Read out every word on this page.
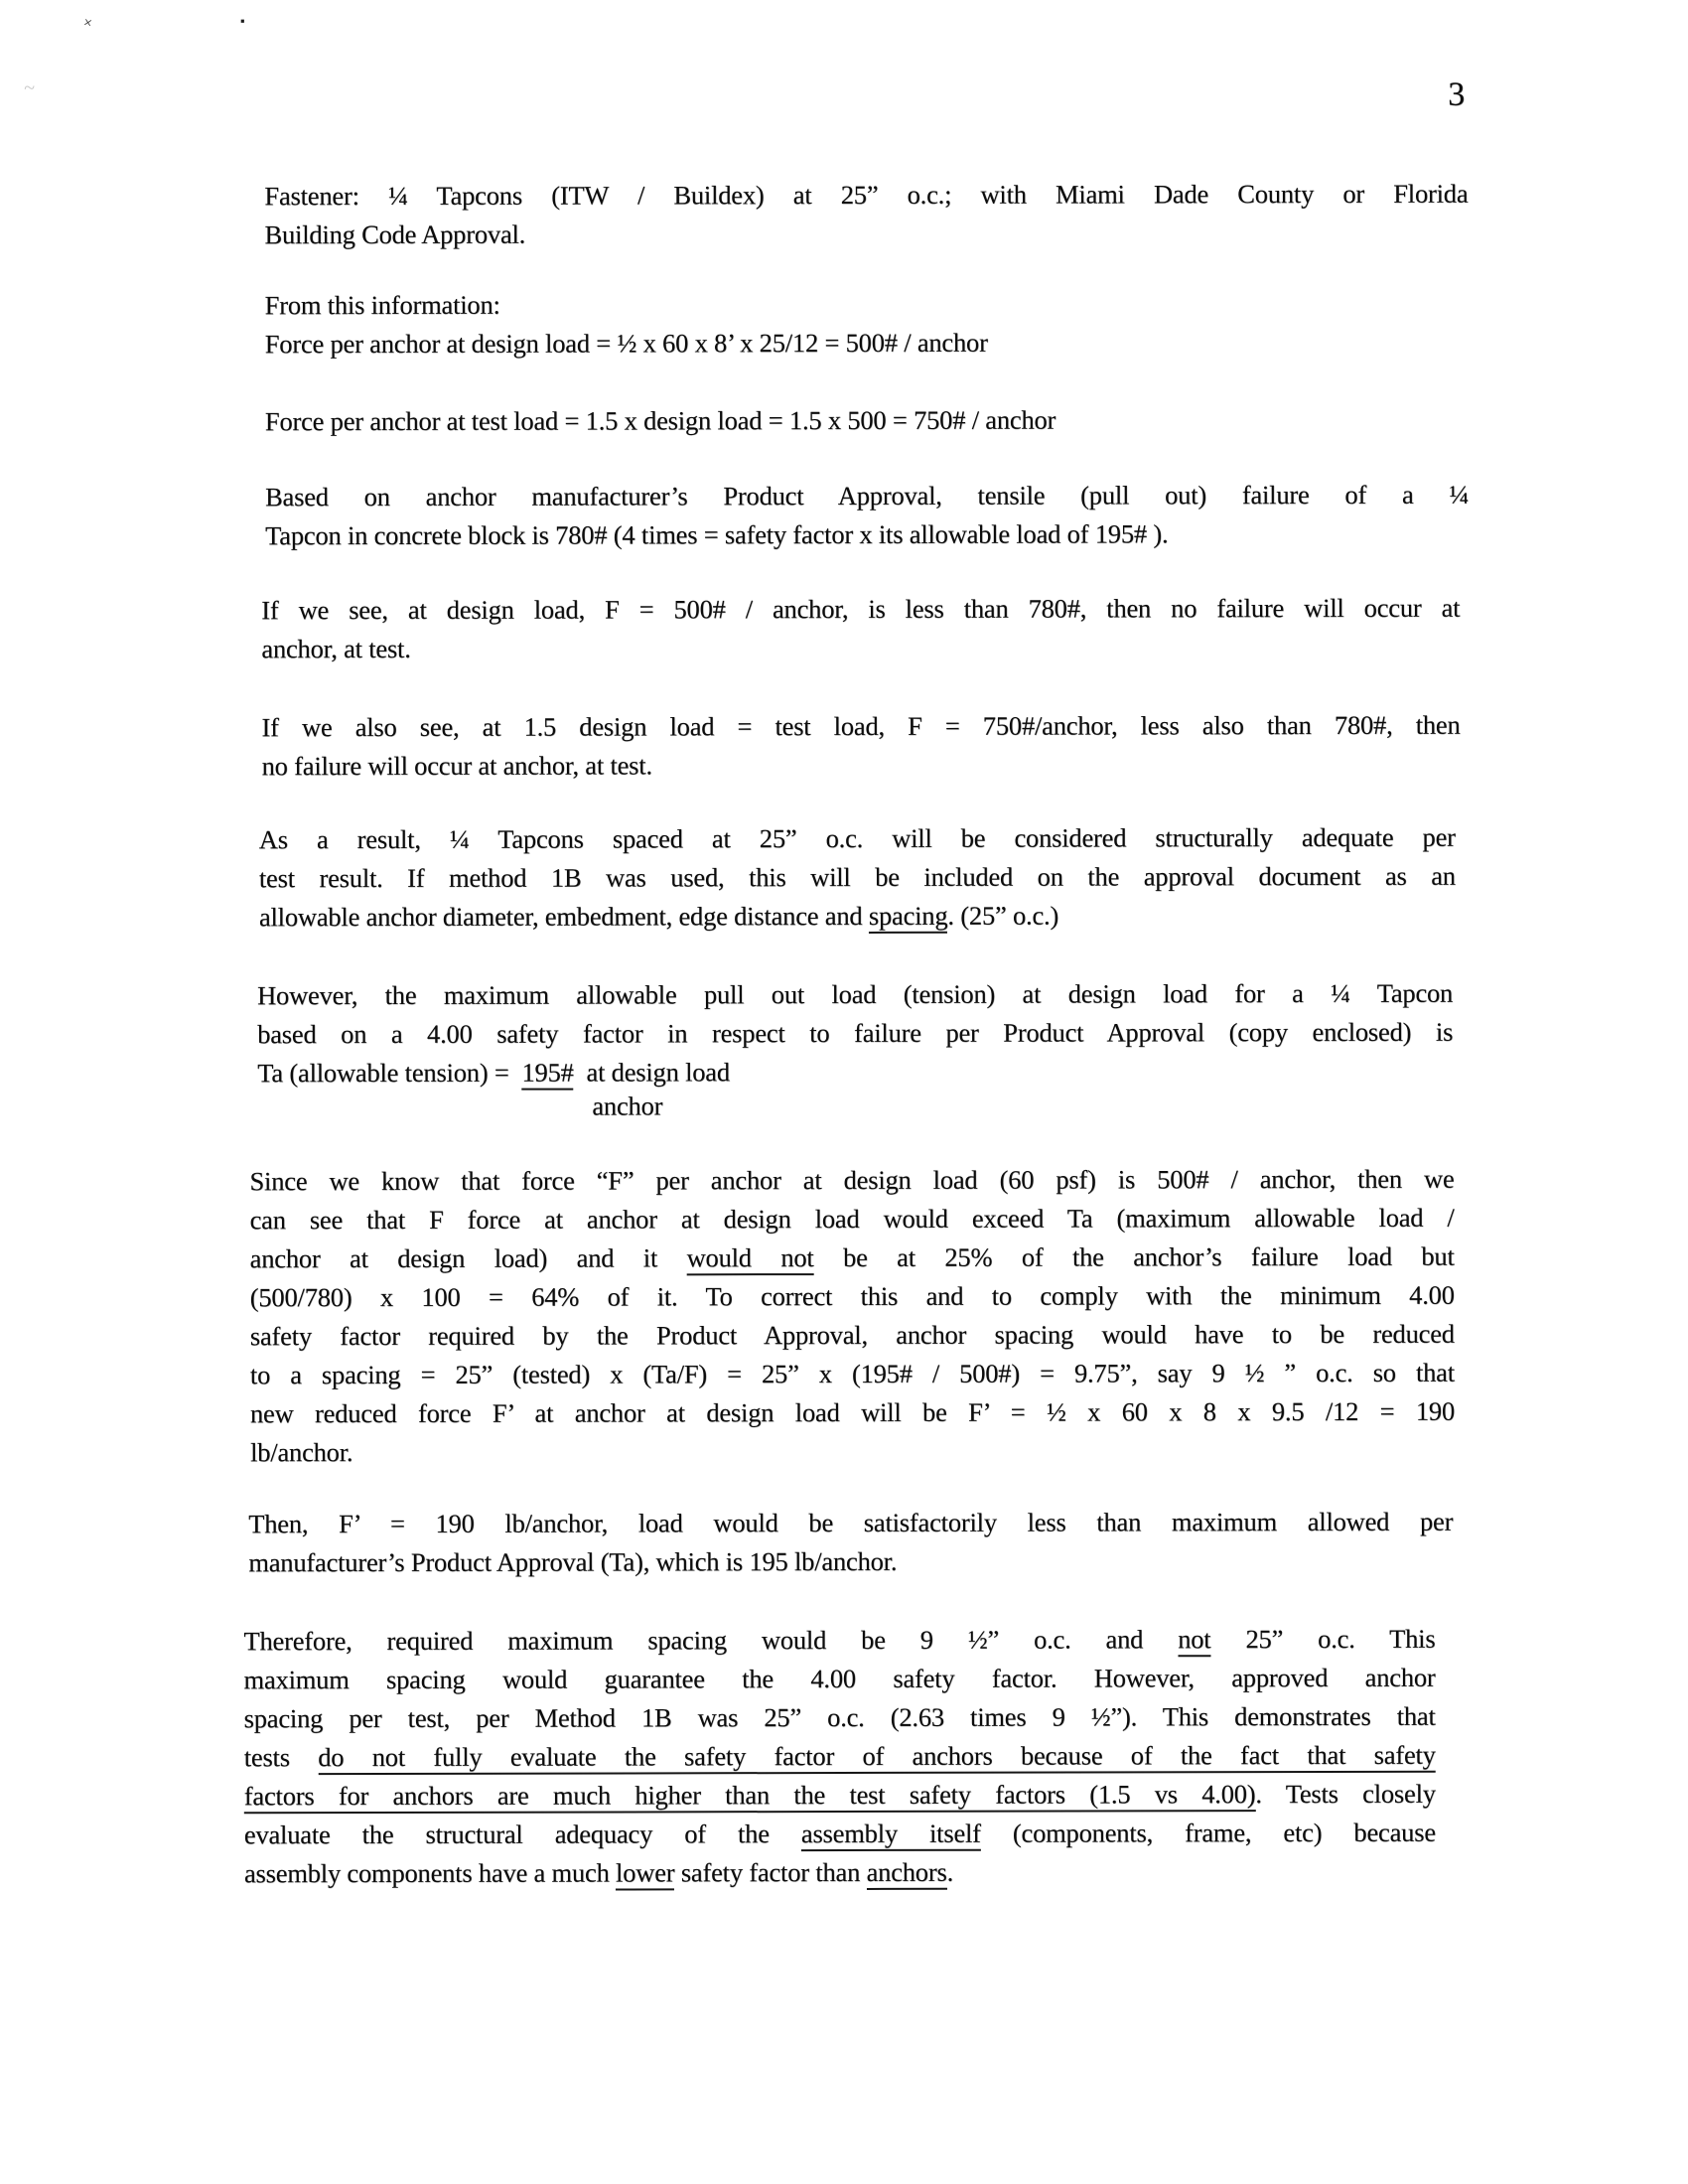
3
×	▪
~
Fastener: ¼ Tapcons (ITW / Buildex) at 25” o.c.; with Miami Dade County or Florida
Building Code Approval.
From this information:
Force per anchor at design load = ½ x 60 x 8’ x 25/12 = 500# / anchor
Force per anchor at test load = 1.5 x design load = 1.5 x 500 = 750# / anchor
Based on anchor manufacturer’s Product Approval, tensile (pull out) failure of a ¼
Tapcon in concrete block is 780# (4 times = safety factor x its allowable load of 195# ).
If we see, at design load, F = 500# / anchor, is less than 780#, then no failure will occur at
anchor, at test.
If we also see, at 1.5 design load = test load, F = 750#/anchor, less also than 780#, then
no failure will occur at anchor, at test.
As a result, ¼ Tapcons spaced at 25” o.c. will be considered structurally adequate per
test result. If method 1B was used, this will be included on the approval document as an
allowable anchor diameter, embedment, edge distance and spacing. (25” o.c.)
However, the maximum allowable pull out load (tension) at design load for a ¼ Tapcon
based on a 4.00 safety factor in respect to failure per Product Approval (copy enclosed) is
Ta (allowable tension) =  195#  at design load
anchor
Since we know that force “F” per anchor at design load (60 psf) is 500# / anchor, then we
can see that F force at anchor at design load would exceed Ta (maximum allowable load /
anchor at design load) and it would not be at 25% of the anchor’s failure load but
(500/780) x 100 = 64% of it. To correct this and to comply with the minimum 4.00
safety factor required by the Product Approval, anchor spacing would have to be reduced
to a spacing = 25” (tested) x (Ta/F) = 25” x (195# / 500#) = 9.75”, say 9 ½ ” o.c. so that
new reduced force F’ at anchor at design load will be F’ = ½ x 60 x 8 x 9.5 /12 = 190
lb/anchor.
Then, F’ = 190 lb/anchor, load would be satisfactorily less than maximum allowed per
manufacturer’s Product Approval (Ta), which is 195 lb/anchor.
Therefore, required maximum spacing would be 9 ½” o.c. and not 25” o.c. This
maximum spacing would guarantee the 4.00 safety factor. However, approved anchor
spacing per test, per Method 1B was 25” o.c. (2.63 times 9 ½”). This demonstrates that
tests do not fully evaluate the safety factor of anchors because of the fact that safety
factors for anchors are much higher than the test safety factors (1.5 vs 4.00). Tests closely
evaluate the structural adequacy of the assembly itself (components, frame, etc) because
assembly components have a much lower safety factor than anchors.
